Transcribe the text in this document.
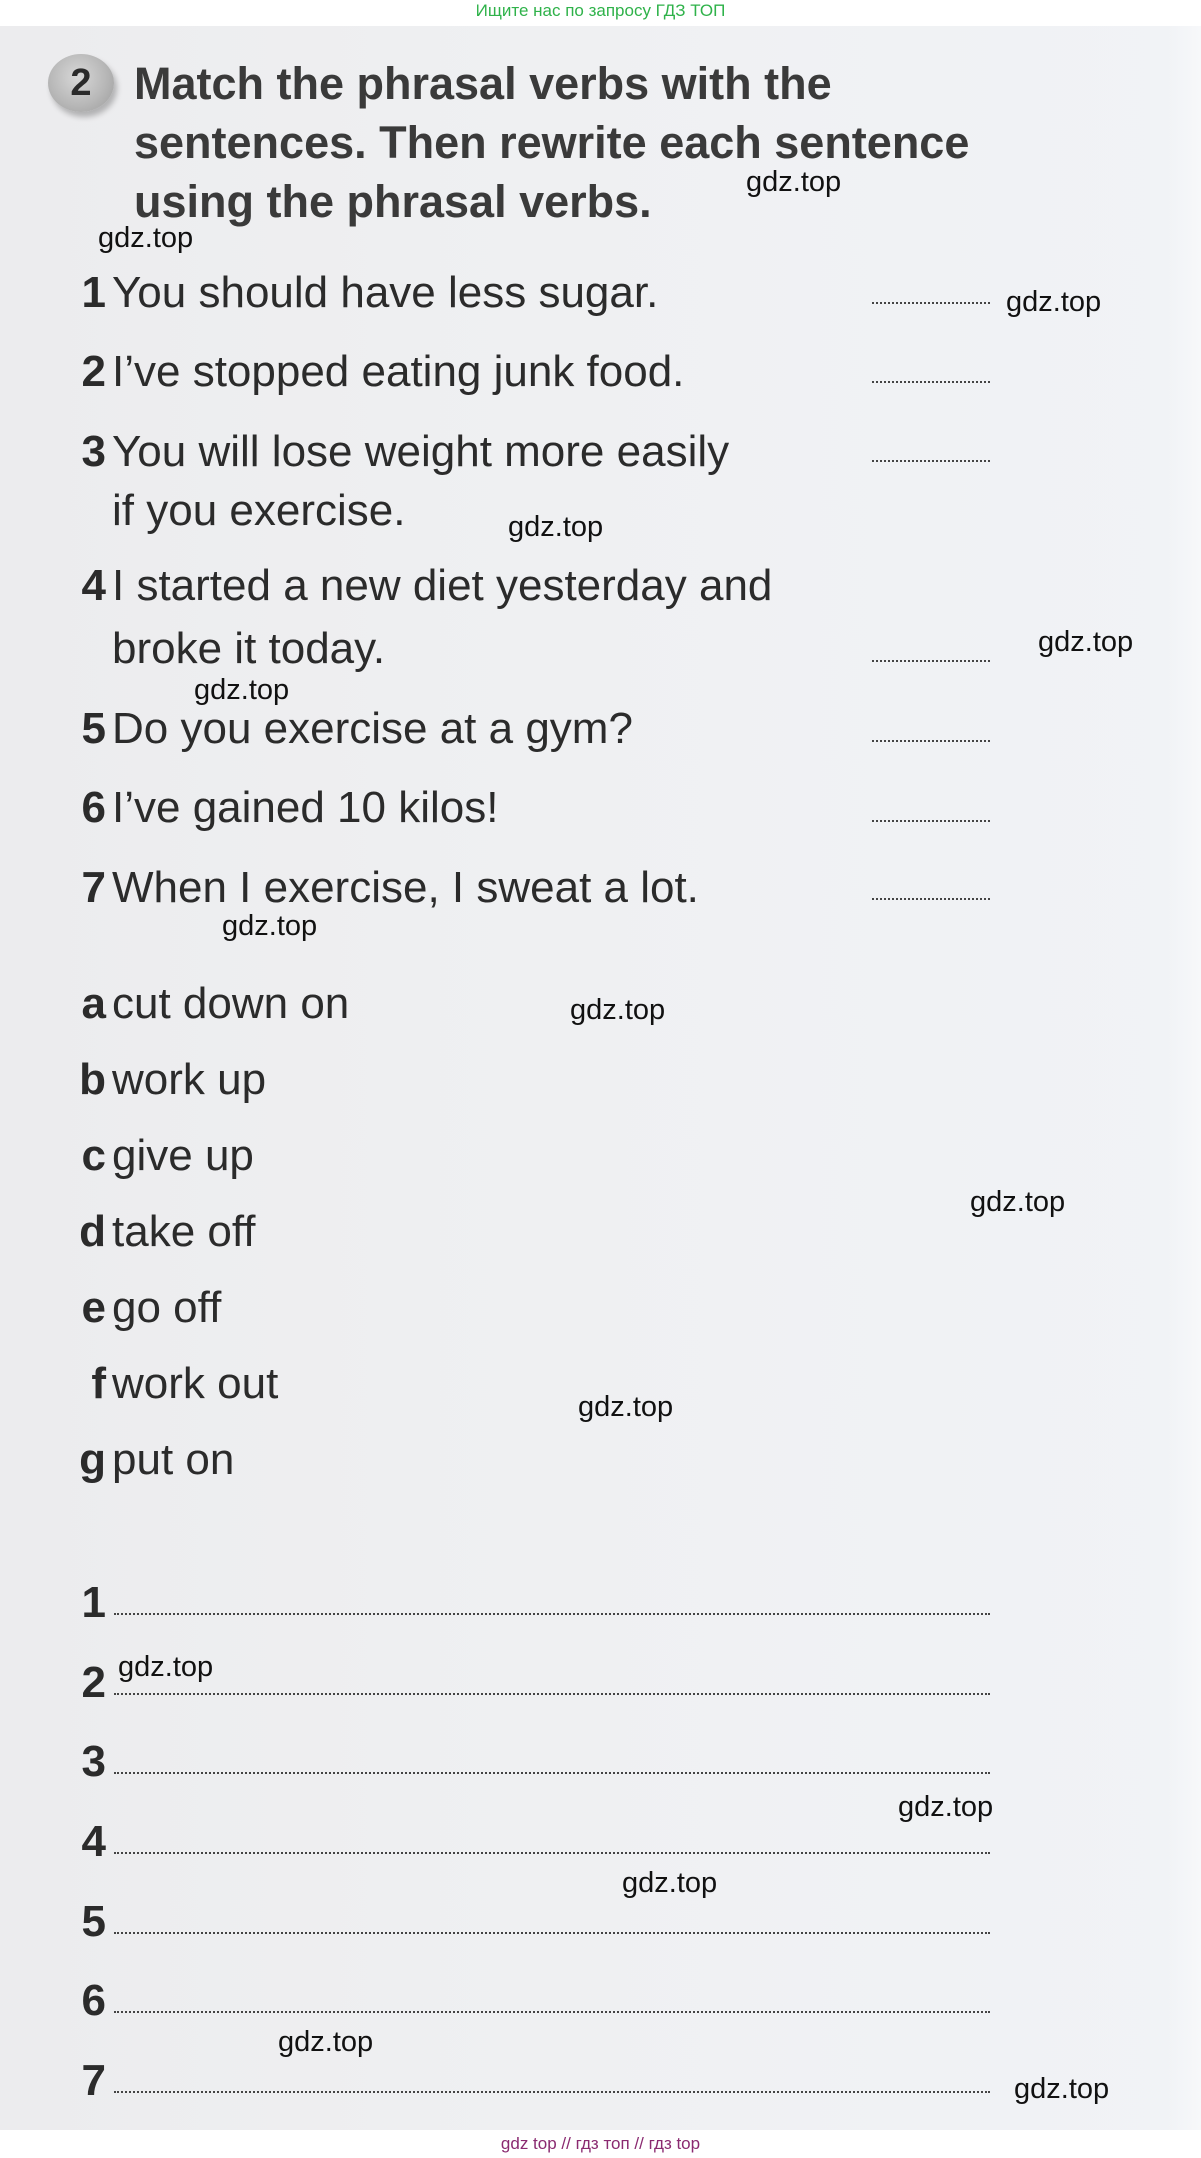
Ищите нас по запросу ГДЗ ТОП
2 Match the phrasal verbs with the sentences. Then rewrite each sentence using the phrasal verbs.
1 You should have less sugar.
2 I’ve stopped eating junk food.
3 You will lose weight more easily
if you exercise.
4 I started a new diet yesterday and
broke it today.
5 Do you exercise at a gym?
6 I’ve gained 10 kilos!
7 When I exercise, I sweat a lot.
a cut down on
b work up
c give up
d take off
e go off
f work out
g put on
1
2
3
4
5
6
7
gdz.top
gdz.top
gdz.top
gdz.top
gdz.top
gdz.top
gdz.top
gdz.top
gdz.top
gdz.top
gdz.top
gdz.top
gdz.top
gdz.top
gdz.top
gdz top // гдз топ // гдз top
